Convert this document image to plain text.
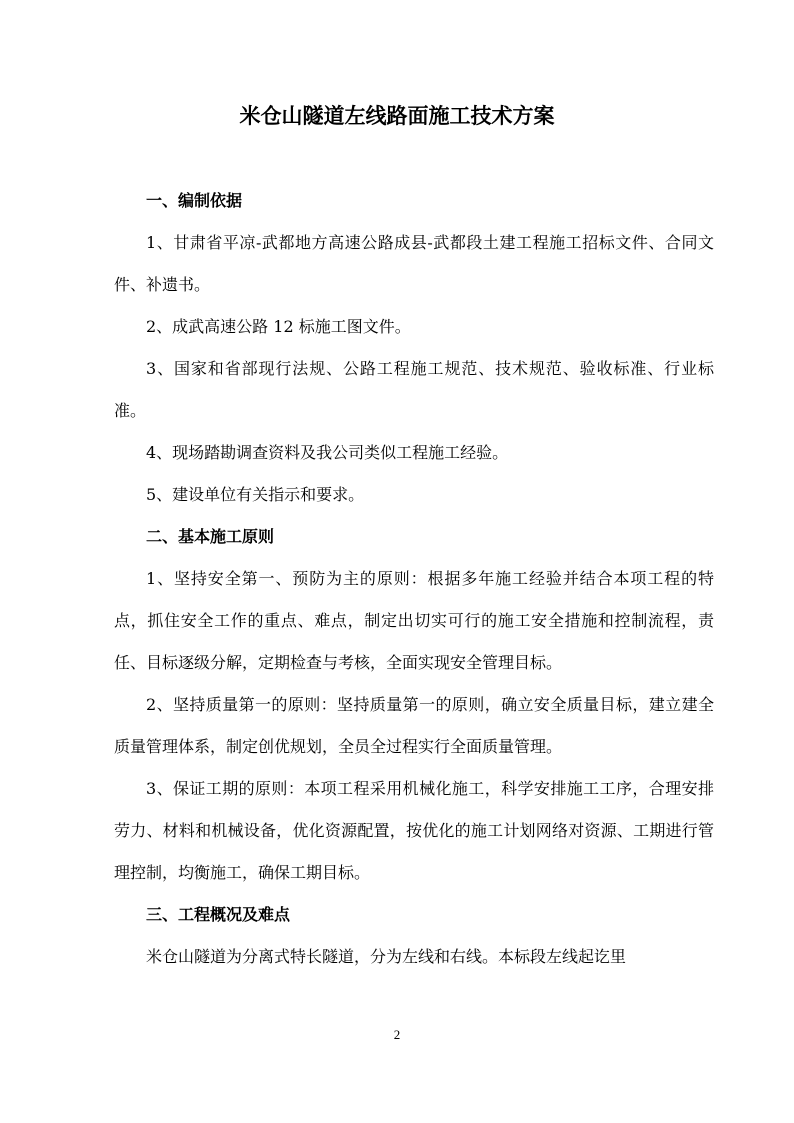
米仓山隧道左线路面施工技术方案

一、编制依据

1、甘肃省平凉-武都地方高速公路成县-武都段土建工程施工招标文件、合同文件、补遗书。

2、成武高速公路 12 标施工图文件。

3、国家和省部现行法规、公路工程施工规范、技术规范、验收标准、行业标准。

4、现场踏勘调查资料及我公司类似工程施工经验。

5、建设单位有关指示和要求。

二、基本施工原则

1、坚持安全第一、预防为主的原则：根据多年施工经验并结合本项工程的特点，抓住安全工作的重点、难点，制定出切实可行的施工安全措施和控制流程，责任、目标逐级分解，定期检查与考核，全面实现安全管理目标。

2、坚持质量第一的原则：坚持质量第一的原则，确立安全质量目标，建立建全质量管理体系，制定创优规划，全员全过程实行全面质量管理。

3、保证工期的原则：本项工程采用机械化施工，科学安排施工工序，合理安排劳力、材料和机械设备，优化资源配置，按优化的施工计划网络对资源、工期进行管理控制，均衡施工，确保工期目标。

三、工程概况及难点

米仓山隧道为分离式特长隧道，分为左线和右线。本标段左线起讫里

2
